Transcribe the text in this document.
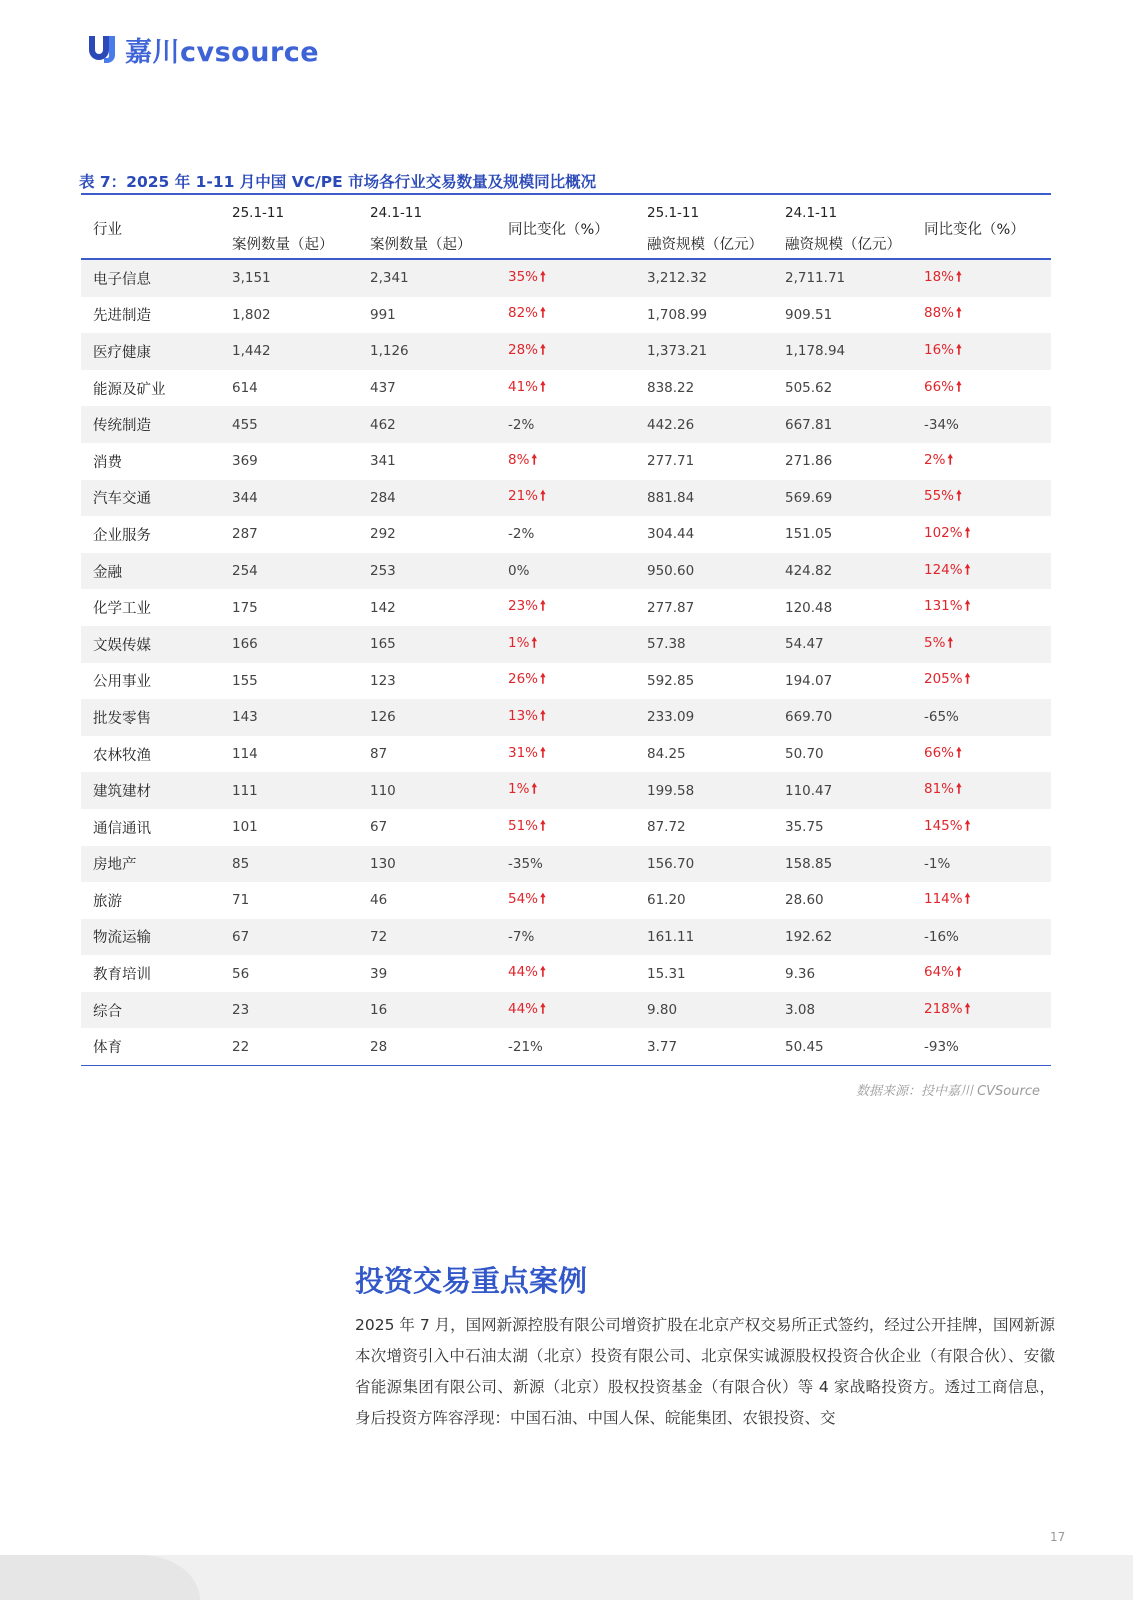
嘉川cvsource
表 7：2025 年 1-11 月中国 VC/PE 市场各行业交易数量及规模同比概况
行业	25.1-11	24.1-11	同比变化（%）	25.1-11	24.1-11	同比变化（%）
	案例数量（起）	案例数量（起）		融资规模（亿元）	融资规模（亿元）	
电子信息	3,151	2,341	35% 🠕	3,212.32	2,711.71	18% 🠕
先进制造	1,802	991	82% 🠕	1,708.99	909.51	88% 🠕
医疗健康	1,442	1,126	28% 🠕	1,373.21	1,178.94	16% 🠕
能源及矿业	614	437	41% 🠕	838.22	505.62	66% 🠕
传统制造	455	462	-2%	442.26	667.81	-34%
消费	369	341	8% 🠕	277.71	271.86	2% 🠕
汽车交通	344	284	21% 🠕	881.84	569.69	55% 🠕
企业服务	287	292	-2%	304.44	151.05	102% 🠕
金融	254	253	0%	950.60	424.82	124% 🠕
化学工业	175	142	23% 🠕	277.87	120.48	131% 🠕
文娱传媒	166	165	1% 🠕	57.38	54.47	5% 🠕
公用事业	155	123	26% 🠕	592.85	194.07	205% 🠕
批发零售	143	126	13% 🠕	233.09	669.70	-65%
农林牧渔	114	87	31% 🠕	84.25	50.70	66% 🠕
建筑建材	111	110	1% 🠕	199.58	110.47	81% 🠕
通信通讯	101	67	51% 🠕	87.72	35.75	145% 🠕
房地产	85	130	-35%	156.70	158.85	-1%
旅游	71	46	54% 🠕	61.20	28.60	114% 🠕
物流运输	67	72	-7%	161.11	192.62	-16%
教育培训	56	39	44% 🠕	15.31	9.36	64% 🠕
综合	23	16	44% 🠕	9.80	3.08	218% 🠕
体育	22	28	-21%	3.77	50.45	-93%
数据来源：投中嘉川 CVSource
投资交易重点案例
2025 年 7 月，国网新源控股有限公司增资扩股在北京产权交易所正式签约，经过公开挂牌，国网新源本次增资引入中石油太湖（北京）投资有限公司、北京保实诚源股权投资合伙企业（有限合伙）、安徽省能源集团有限公司、新源（北京）股权投资基金（有限合伙）等 4 家战略投资方。透过工商信息，身后投资方阵容浮现：中国石油、中国人保、皖能集团、农银投资、交
17
